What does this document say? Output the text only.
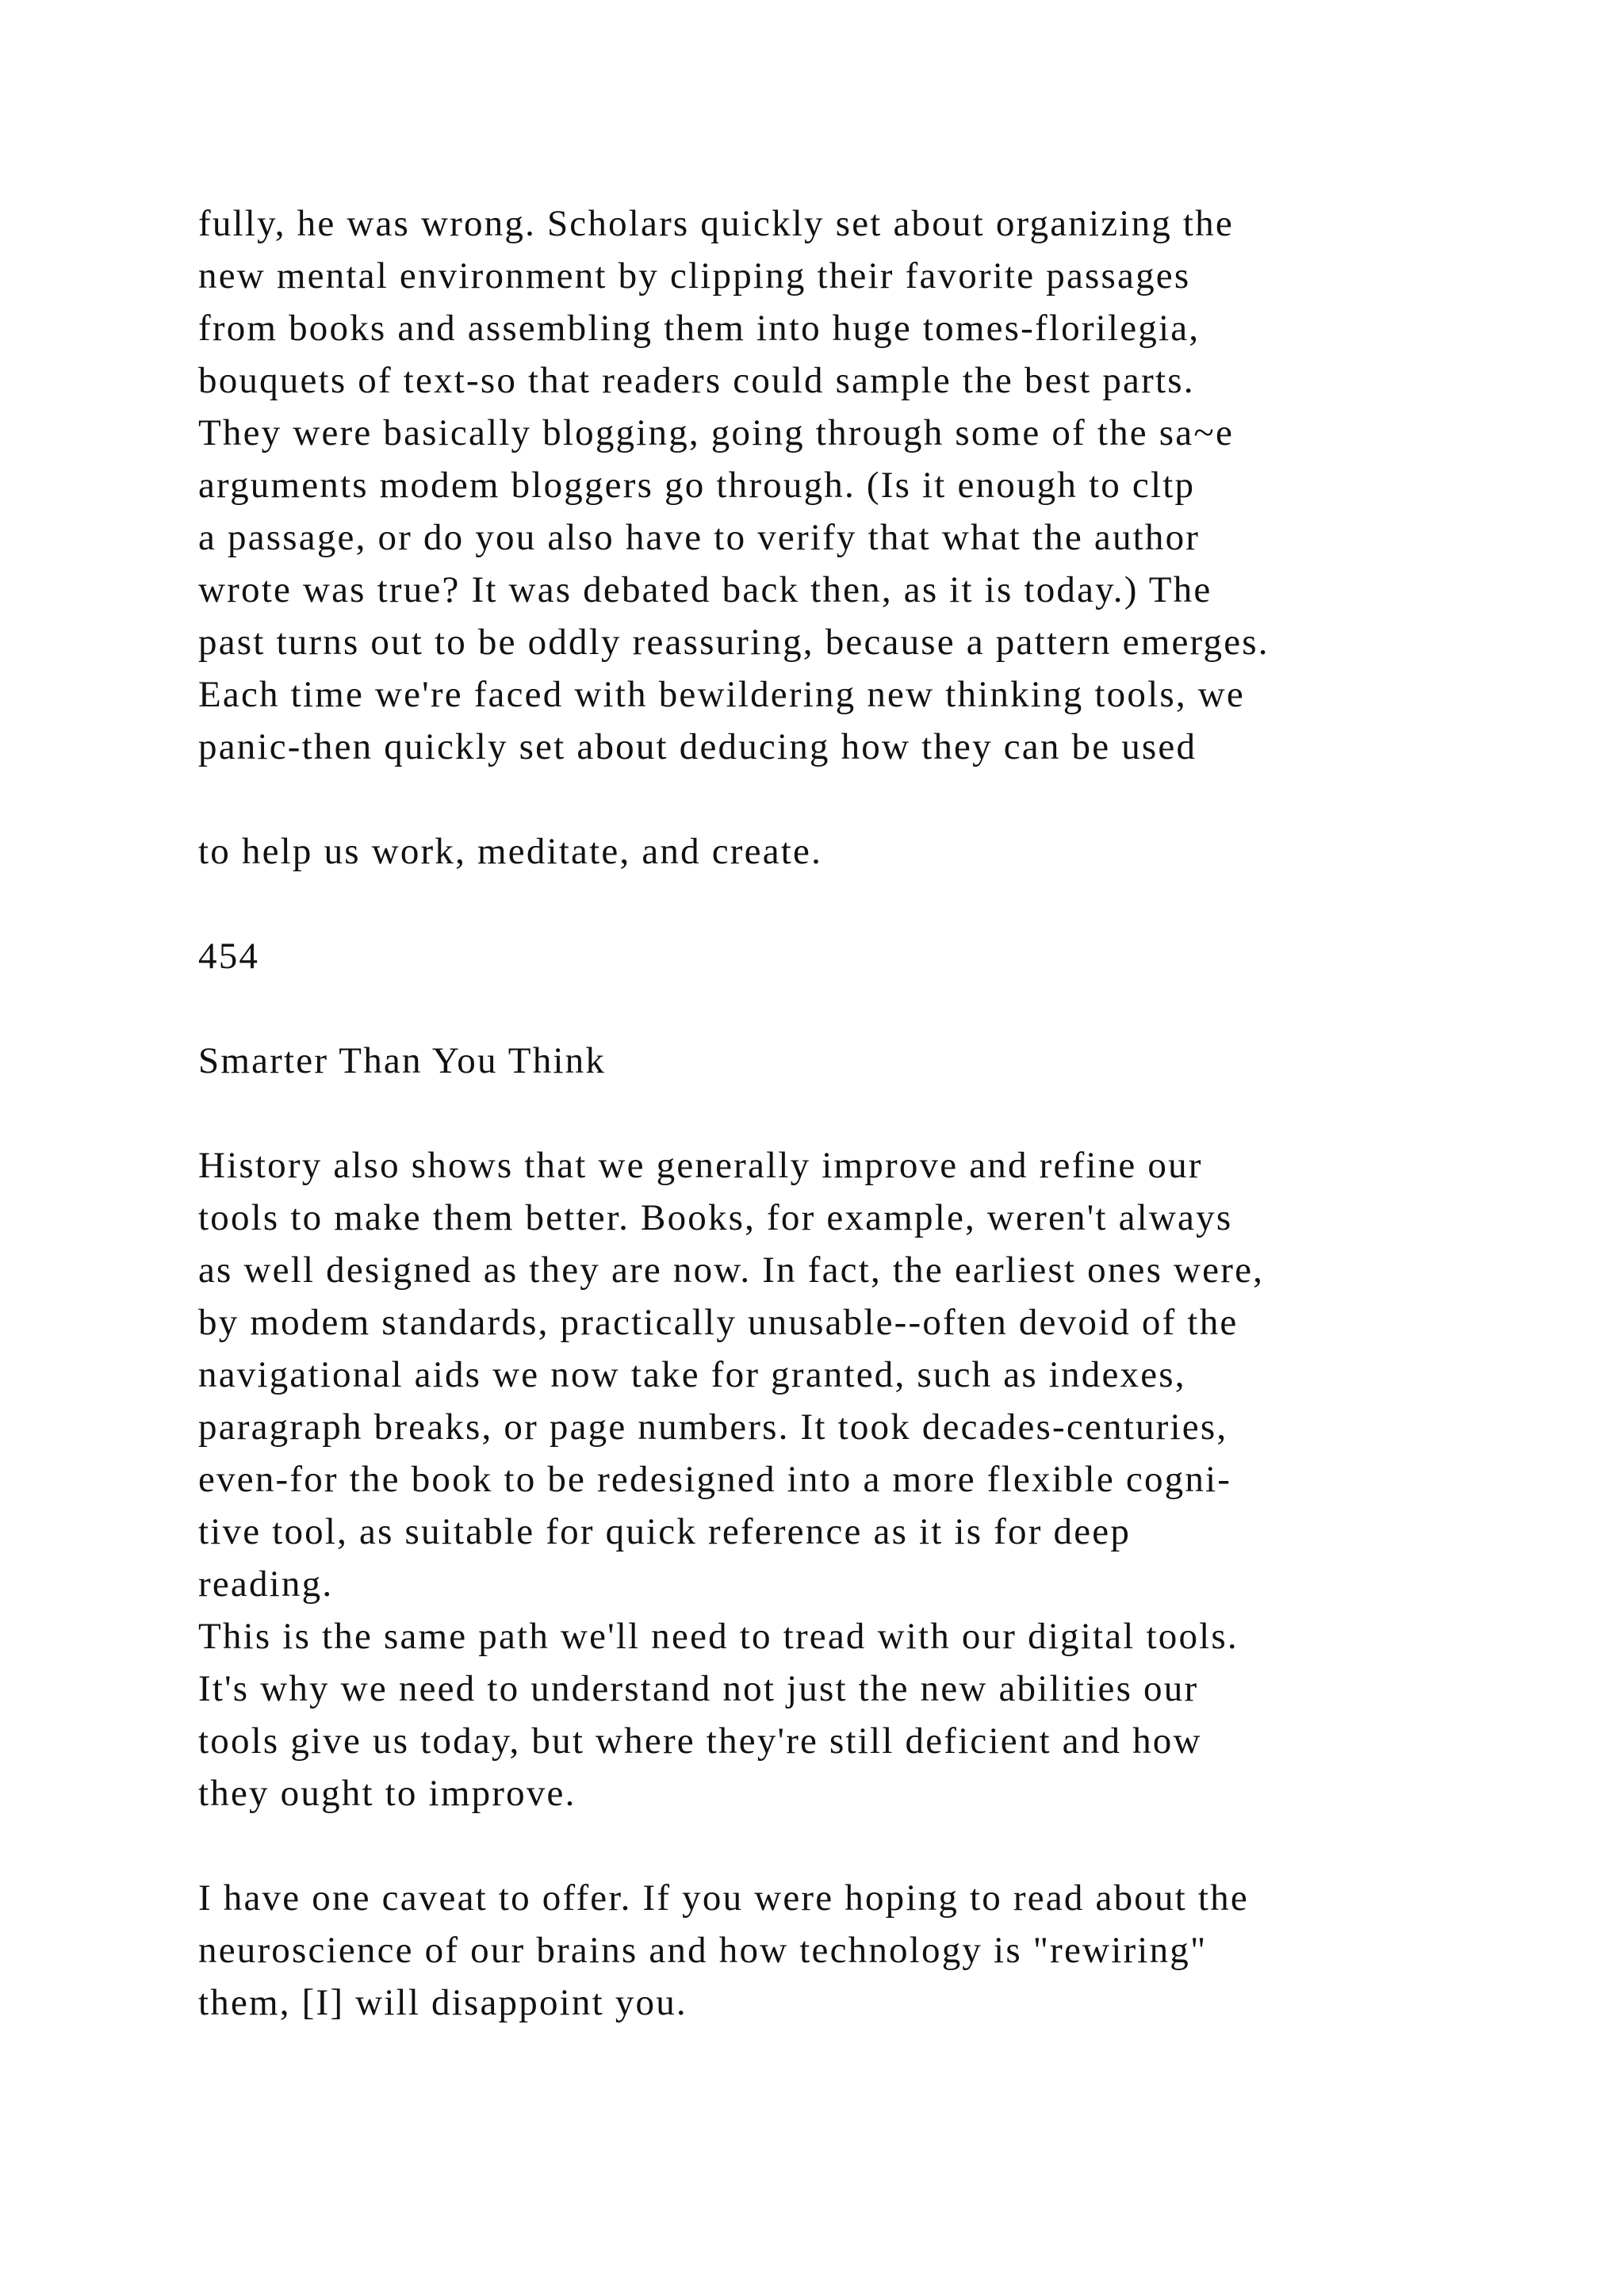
fully, he was wrong. Scholars quickly set about organizing the

new mental environment by clipping their favorite passages

from books and assembling them into huge tomes-florilegia,

bouquets of text-so that readers could sample the best parts.

They were basically blogging, going through some of the sa~e

arguments modem bloggers go through. (Is it enough to cltp

a passage, or do you also have to verify that what the author

wrote was true? It was debated back then, as it is today.) The

past turns out to be oddly reassuring, because a pattern emerges.

Each time we're faced with bewildering new thinking tools, we

panic-then quickly set about deducing how they can be used

to help us work, meditate, and create.

454

Smarter Than You Think

History also shows that we generally improve and refine our

tools to make them better. Books, for example, weren't always

as well designed as they are now. In fact, the earliest ones were,

by modem standards, practically unusable--often devoid of the

navigational aids we now take for granted, such as indexes,

paragraph breaks, or page numbers. It took decades-centuries,

even-for the book to be redesigned into a more flexible cogni-

tive tool, as suitable for quick reference as it is for deep

reading.

This is the same path we'll need to tread with our digital tools.

It's why we need to understand not just the new abilities our

tools give us today, but where they're still deficient and how

they ought to improve.

I have one caveat to offer. If you were hoping to read about the

neuroscience of our brains and how technology is "rewiring"

them, [I] will disappoint you.
